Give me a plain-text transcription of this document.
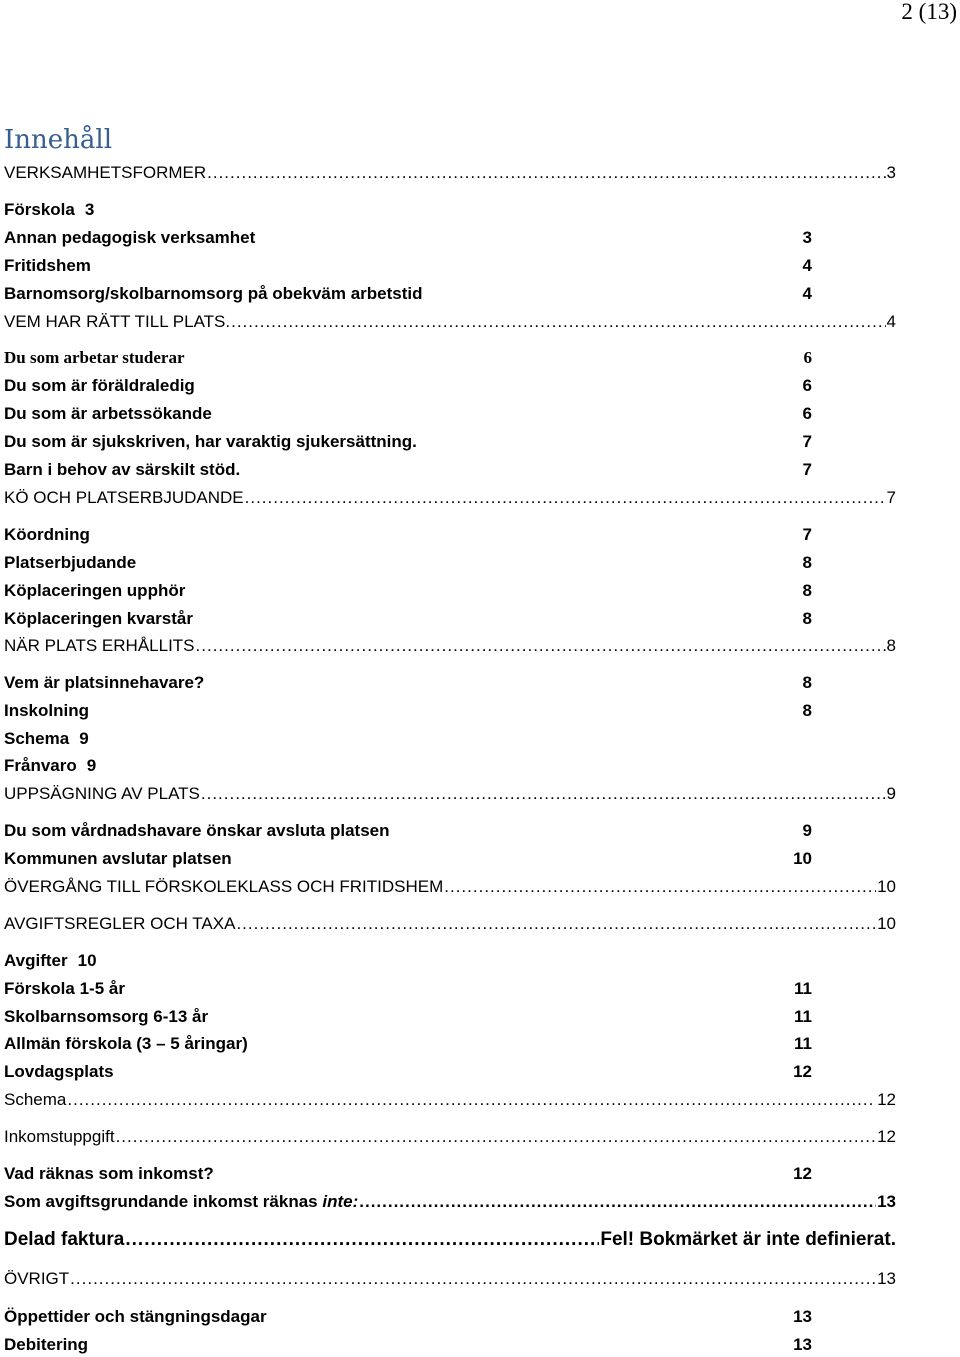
2 (13)
Innehåll
VERKSAMHETSFORMER .....	3
Förskola 3
Annan pedagogisk verksamhet	3
Fritidshem	4
Barnomsorg/skolbarnomsorg på obekväm arbetstid	4
VEM HAR RÄTT TILL PLATS. .....	4
Du som arbetar studerar	6
Du som är föräldraledig	6
Du som är arbetssökande	6
Du som är sjukskriven, har varaktig sjukersättning.	7
Barn i behov av särskilt stöd.	7
KÖ OCH PLATSERBJUDANDE .....	7
Köordning	7
Platserbjudande	8
Köplaceringen upphör	8
Köplaceringen kvarstår	8
NÄR PLATS ERHÅLLITS .....	8
Vem är platsinnehavare?	8
Inskolning	8
Schema 9
Frånvaro 9
UPPSÄGNING AV PLATS .....	9
Du som vårdnadshavare önskar avsluta platsen	9
Kommunen avslutar platsen	10
ÖVERGÅNG TILL FÖRSKOLEKLASS OCH FRITIDSHEM .....	10
AVGIFTSREGLER OCH TAXA .....	10
Avgifter 10
Förskola 1-5 år	11
Skolbarnsomsorg 6-13 år	11
Allmän förskola (3 – 5 åringar)	11
Lovdagsplats	12
Schema .....	12
Inkomstuppgift .....	12
Vad räknas som inkomst?	12
Som avgiftsgrundande inkomst räknas inte: .....	13
Delad faktura .....	Fel! Bokmärket är inte definierat.
ÖVRIGT .....	13
Öppettider och stängningsdagar	13
Debitering	13
